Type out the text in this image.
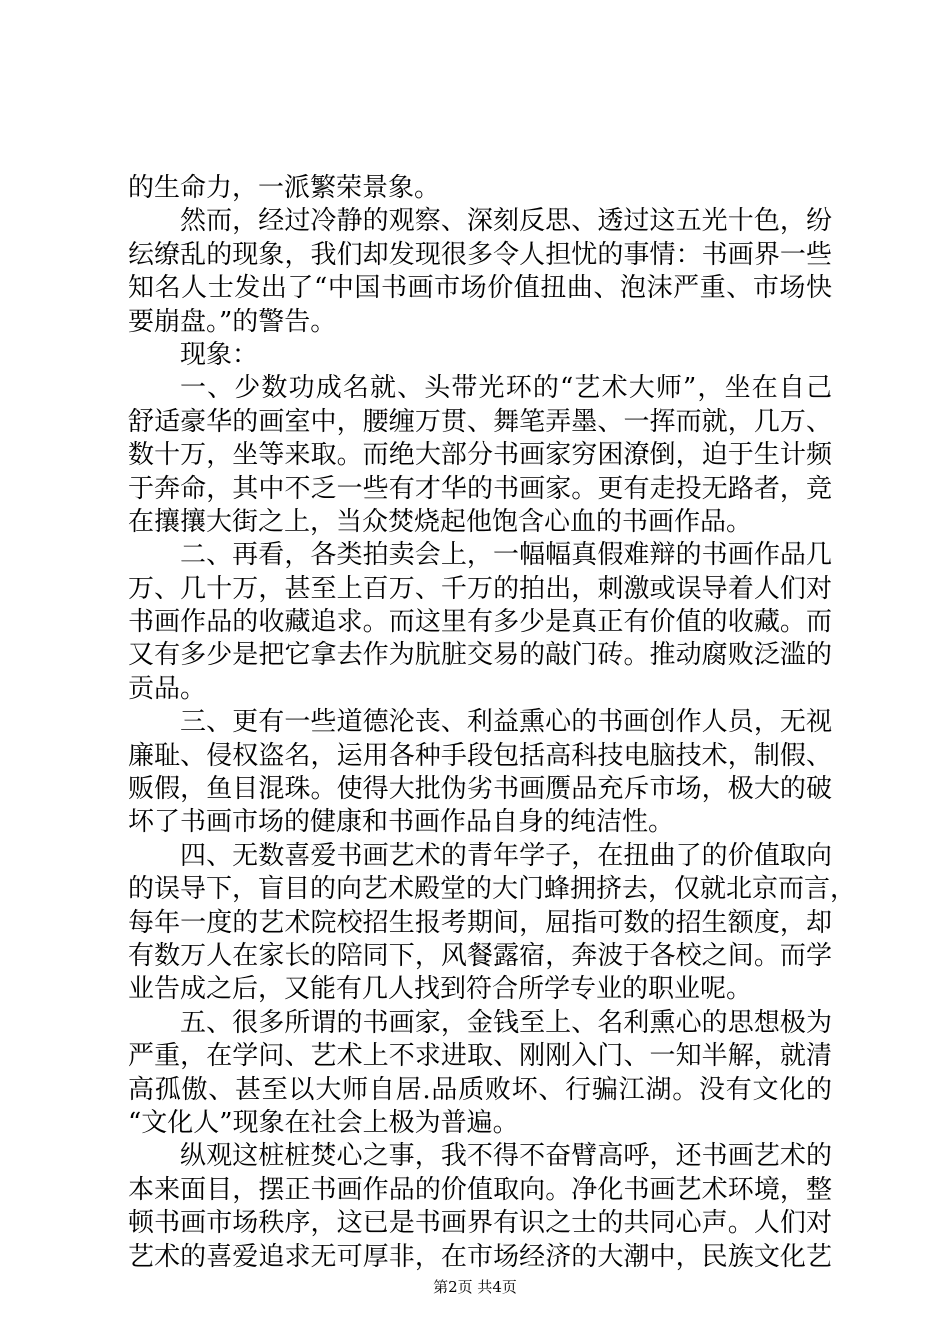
的生命力，一派繁荣景象。
然而，经过冷静的观察、深刻反思、透过这五光十色，纷
纭缭乱的现象，我们却发现很多令人担忧的事情：书画界一些
知名人士发出了“中国书画市场价值扭曲、泡沫严重、市场快
要崩盘。”的警告。
现象：
一、少数功成名就、头带光环的“艺术大师”，坐在自己
舒适豪华的画室中，腰缠万贯、舞笔弄墨、一挥而就，几万、
数十万，坐等来取。而绝大部分书画家穷困潦倒，迫于生计频
于奔命，其中不乏一些有才华的书画家。更有走投无路者，竞
在攘攘大街之上，当众焚烧起他饱含心血的书画作品。
二、再看，各类拍卖会上，一幅幅真假难辩的书画作品几
万、几十万，甚至上百万、千万的拍出，刺激或误导着人们对
书画作品的收藏追求。而这里有多少是真正有价值的收藏。而
又有多少是把它拿去作为肮脏交易的敲门砖。推动腐败泛滥的
贡品。
三、更有一些道德沦丧、利益熏心的书画创作人员，无视
廉耻、侵权盗名，运用各种手段包括高科技电脑技术，制假、
贩假，鱼目混珠。使得大批伪劣书画赝品充斥市场，极大的破
坏了书画市场的健康和书画作品自身的纯洁性。
四、无数喜爱书画艺术的青年学子，在扭曲了的价值取向
的误导下，盲目的向艺术殿堂的大门蜂拥挤去，仅就北京而言，
每年一度的艺术院校招生报考期间，屈指可数的招生额度，却
有数万人在家长的陪同下，风餐露宿，奔波于各校之间。而学
业告成之后，又能有几人找到符合所学专业的职业呢。
五、很多所谓的书画家，金钱至上、名利熏心的思想极为
严重，在学问、艺术上不求进取、刚刚入门、一知半解，就清
高孤傲、甚至以大师自居.品质败坏、行骗江湖。没有文化的
“文化人”现象在社会上极为普遍。
纵观这桩桩焚心之事，我不得不奋臂高呼，还书画艺术的
本来面目，摆正书画作品的价值取向。净化书画艺术环境，整
顿书画市场秩序，这已是书画界有识之士的共同心声。人们对
艺术的喜爱追求无可厚非，在市场经济的大潮中，民族文化艺
第2页 共4页
